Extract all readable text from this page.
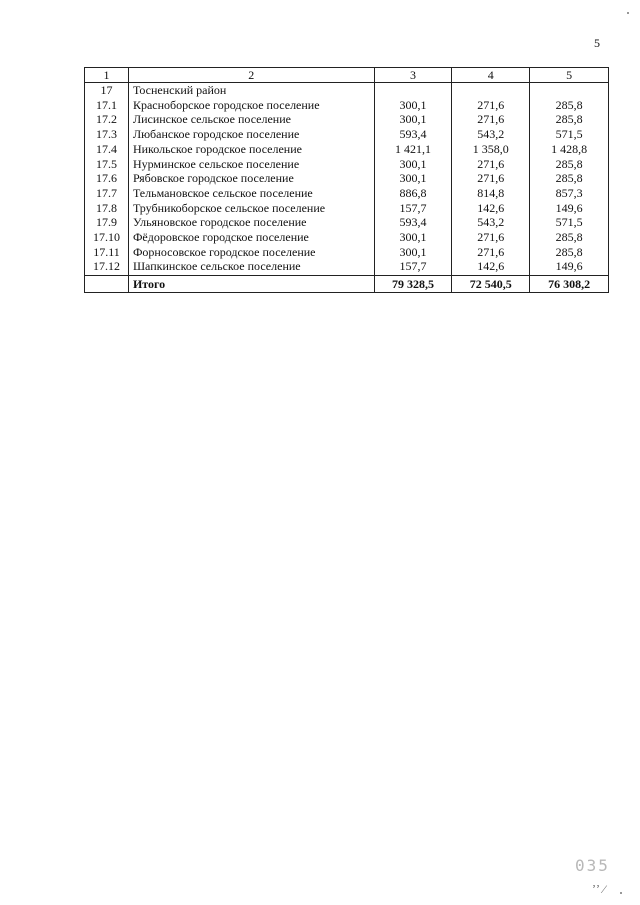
5
1	2	3	4	5
17	Тосненский район			
17.1	Красноборское городское поселение	300,1	271,6	285,8
17.2	Лисинское сельское поселение	300,1	271,6	285,8
17.3	Любанское городское поселение	593,4	543,2	571,5
17.4	Никольское городское поселение	1 421,1	1 358,0	1 428,8
17.5	Нурминское сельское поселение	300,1	271,6	285,8
17.6	Рябовское городское поселение	300,1	271,6	285,8
17.7	Тельмановское сельское поселение	886,8	814,8	857,3
17.8	Трубникоборское сельское поселение	157,7	142,6	149,6
17.9	Ульяновское городское поселение	593,4	543,2	571,5
17.10	Фёдоровское городское поселение	300,1	271,6	285,8
17.11	Форносовское городское поселение	300,1	271,6	285,8
17.12	Шапкинское сельское поселение	157,7	142,6	149,6
	Итого	79 328,5	72 540,5	76 308,2
035
ʼʼ ⁄
